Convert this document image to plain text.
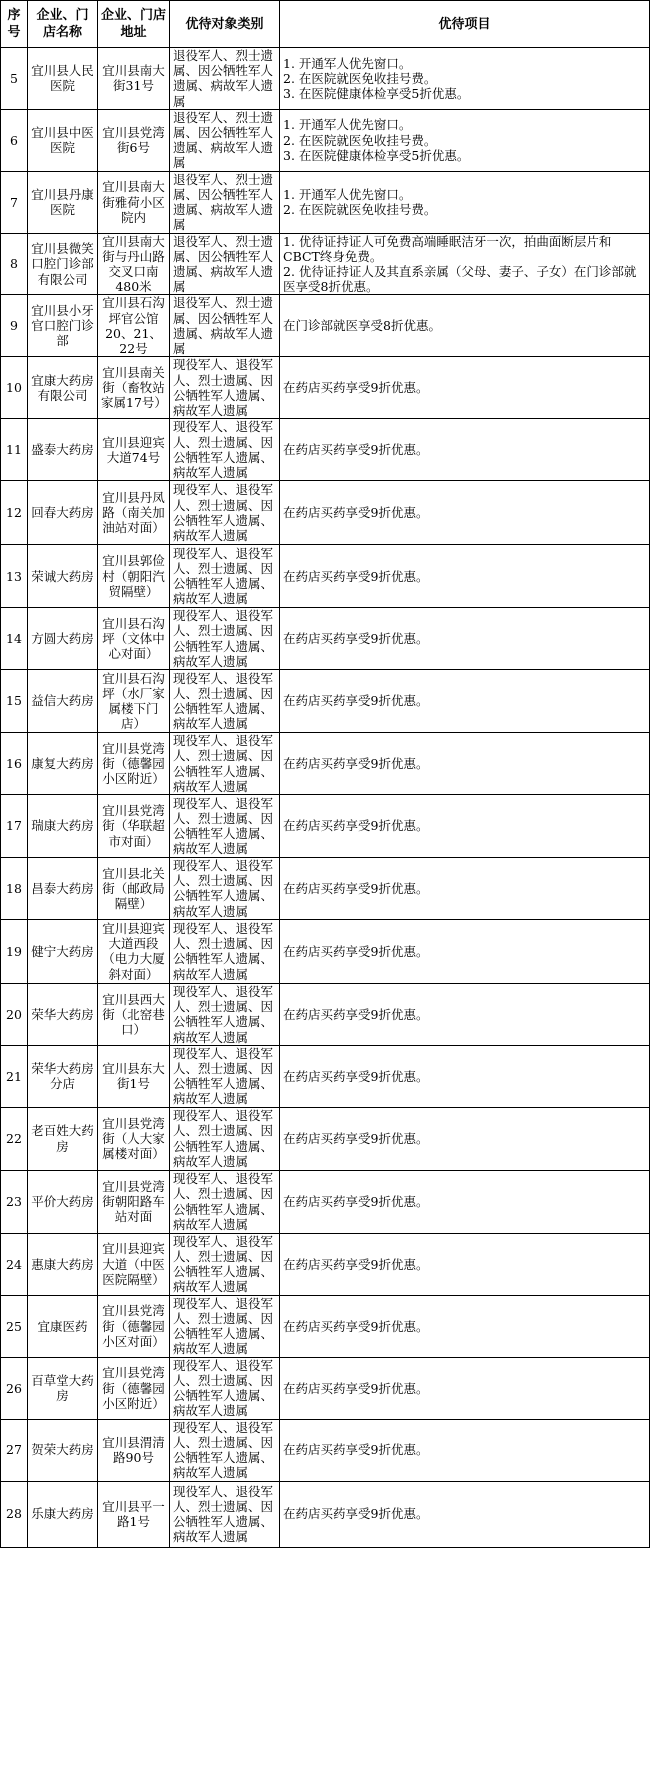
序号	企业、门店名称	企业、门店地址	优待对象类别	优待项目
5	宜川县人民医院	宜川县南大街31号	退役军人、烈士遗属、因公牺牲军人遗属、病故军人遗属	1. 开通军人优先窗口。
2. 在医院就医免收挂号费。
3. 在医院健康体检享受5折优惠。

6	宜川县中医医院	宜川县党湾街6号	退役军人、烈士遗属、因公牺牲军人遗属、病故军人遗属	1. 开通军人优先窗口。
2. 在医院就医免收挂号费。
3. 在医院健康体检享受5折优惠。

7	宜川县丹康医院	宜川县南大街雅荷小区院内	退役军人、烈士遗属、因公牺牲军人遗属、病故军人遗属	1. 开通军人优先窗口。
2. 在医院就医免收挂号费。

8	宜川县微笑口腔门诊部有限公司	宜川县南大街与丹山路交叉口南480米	退役军人、烈士遗属、因公牺牲军人遗属、病故军人遗属	1. 优待证持证人可免费高端睡眠洁牙一次，拍曲面断层片和CBCT终身免费。
2. 优待证持证人及其直系亲属（父母、妻子、子女）在门诊部就医享受8折优惠。

9	宜川县小牙官口腔门诊部	宜川县石沟坪官公馆20、21、22号	退役军人、烈士遗属、因公牺牲军人遗属、病故军人遗属	在门诊部就医享受8折优惠。

10	宜康大药房有限公司	宜川县南关街（畜牧站家属17号）	现役军人、退役军人、烈士遗属、因公牺牲军人遗属、病故军人遗属	在药店买药享受9折优惠。

11	盛泰大药房	宜川县迎宾大道74号	现役军人、退役军人、烈士遗属、因公牺牲军人遗属、病故军人遗属	在药店买药享受9折优惠。

12	回春大药房	宜川县丹凤路（南关加油站对面）	现役军人、退役军人、烈士遗属、因公牺牲军人遗属、病故军人遗属	在药店买药享受9折优惠。

13	荣诚大药房	宜川县郭俭村（朝阳汽贸隔壁）	现役军人、退役军人、烈士遗属、因公牺牲军人遗属、病故军人遗属	在药店买药享受9折优惠。

14	方圆大药房	宜川县石沟坪（文体中心对面）	现役军人、退役军人、烈士遗属、因公牺牲军人遗属、病故军人遗属	在药店买药享受9折优惠。

15	益信大药房	宜川县石沟坪（水厂家属楼下门店）	现役军人、退役军人、烈士遗属、因公牺牲军人遗属、病故军人遗属	在药店买药享受9折优惠。

16	康复大药房	宜川县党湾街（德馨园小区附近）	现役军人、退役军人、烈士遗属、因公牺牲军人遗属、病故军人遗属	在药店买药享受9折优惠。

17	瑞康大药房	宜川县党湾街（华联超市对面）	现役军人、退役军人、烈士遗属、因公牺牲军人遗属、病故军人遗属	在药店买药享受9折优惠。

18	昌泰大药房	宜川县北关街（邮政局隔壁）	现役军人、退役军人、烈士遗属、因公牺牲军人遗属、病故军人遗属	在药店买药享受9折优惠。

19	健宁大药房	宜川县迎宾大道西段（电力大厦斜对面）	现役军人、退役军人、烈士遗属、因公牺牲军人遗属、病故军人遗属	在药店买药享受9折优惠。

20	荣华大药房	宜川县西大街（北窑巷口）	现役军人、退役军人、烈士遗属、因公牺牲军人遗属、病故军人遗属	在药店买药享受9折优惠。

21	荣华大药房分店	宜川县东大街1号	现役军人、退役军人、烈士遗属、因公牺牲军人遗属、病故军人遗属	在药店买药享受9折优惠。

22	老百姓大药房	宜川县党湾街（人大家属楼对面）	现役军人、退役军人、烈士遗属、因公牺牲军人遗属、病故军人遗属	在药店买药享受9折优惠。

23	平价大药房	宜川县党湾街朝阳路车站对面	现役军人、退役军人、烈士遗属、因公牺牲军人遗属、病故军人遗属	在药店买药享受9折优惠。

24	惠康大药房	宜川县迎宾大道（中医医院隔壁）	现役军人、退役军人、烈士遗属、因公牺牲军人遗属、病故军人遗属	在药店买药享受9折优惠。

25	宜康医药	宜川县党湾街（德馨园小区对面）	现役军人、退役军人、烈士遗属、因公牺牲军人遗属、病故军人遗属	在药店买药享受9折优惠。

26	百草堂大药房	宜川县党湾街（德馨园小区附近）	现役军人、退役军人、烈士遗属、因公牺牲军人遗属、病故军人遗属	在药店买药享受9折优惠。

27	贺荣大药房	宜川县渭清路90号	现役军人、退役军人、烈士遗属、因公牺牲军人遗属、病故军人遗属	在药店买药享受9折优惠。

28	乐康大药房	宜川县平一路1号	现役军人、退役军人、烈士遗属、因公牺牲军人遗属、病故军人遗属	在药店买药享受9折优惠。
